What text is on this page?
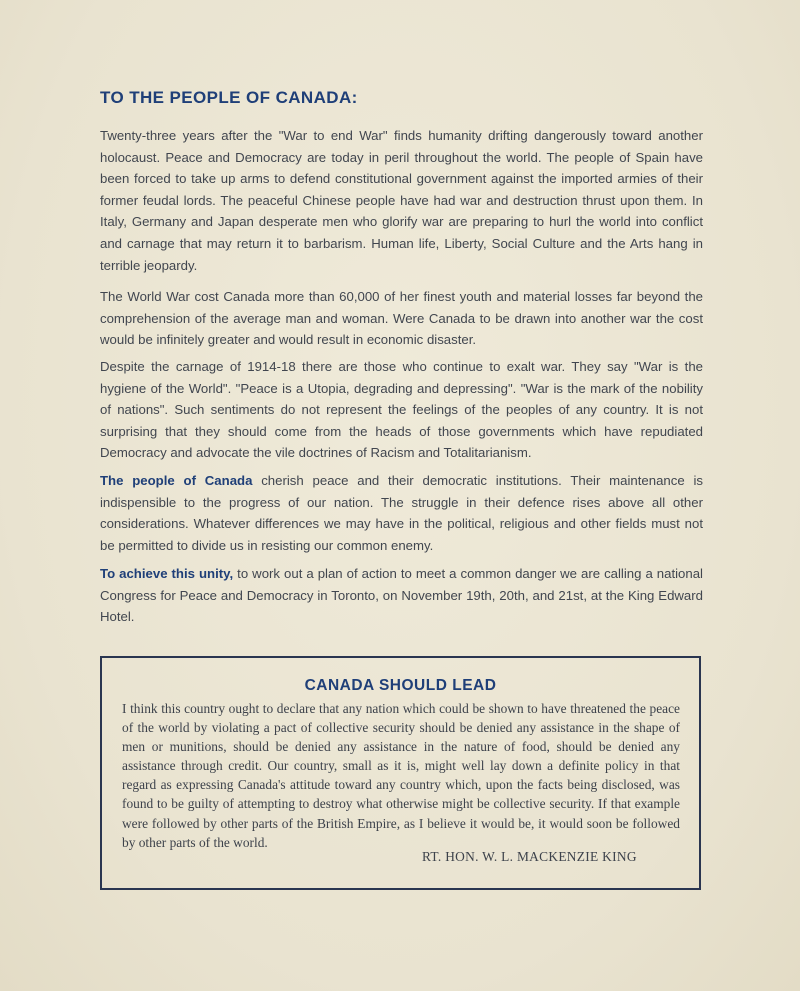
TO THE PEOPLE OF CANADA:

Twenty-three years after the "War to end War" finds humanity drifting dangerously toward another holocaust. Peace and Democracy are today in peril throughout the world. The people of Spain have been forced to take up arms to defend constitutional government against the imported armies of their former feudal lords. The peaceful Chinese people have had war and destruction thrust upon them. In Italy, Germany and Japan desperate men who glorify war are preparing to hurl the world into conflict and carnage that may return it to barbarism. Human life, Liberty, Social Culture and the Arts hang in terrible jeopardy.

The World War cost Canada more than 60,000 of her finest youth and material losses far beyond the comprehension of the average man and woman. Were Canada to be drawn into another war the cost would be infinitely greater and would result in economic disaster.

Despite the carnage of 1914-18 there are those who continue to exalt war. They say "War is the hygiene of the World". "Peace is a Utopia, degrading and depressing". "War is the mark of the nobility of nations". Such sentiments do not represent the feelings of the peoples of any country. It is not surprising that they should come from the heads of those governments which have repudiated Democracy and advocate the vile doctrines of Racism and Totalitarianism.

The people of Canada cherish peace and their democratic institutions. Their maintenance is indispensible to the progress of our nation. The struggle in their defence rises above all other considerations. Whatever differences we may have in the political, religious and other fields must not be permitted to divide us in resisting our common enemy.

To achieve this unity, to work out a plan of action to meet a common danger we are calling a national Congress for Peace and Democracy in Toronto, on November 19th, 20th, and 21st, at the King Edward Hotel.

CANADA SHOULD LEAD

I think this country ought to declare that any nation which could be shown to have threatened the peace of the world by violating a pact of collective security should be denied any assistance in the shape of men or munitions, should be denied any assistance in the nature of food, should be denied any assistance through credit. Our country, small as it is, might well lay down a definite policy in that regard as expressing Canada's attitude toward any country which, upon the facts being disclosed, was found to be guilty of attempting to destroy what otherwise might be collective security. If that example were followed by other parts of the British Empire, as I believe it would be, it would soon be followed by other parts of the world.

RT. HON. W. L. MACKENZIE KING
